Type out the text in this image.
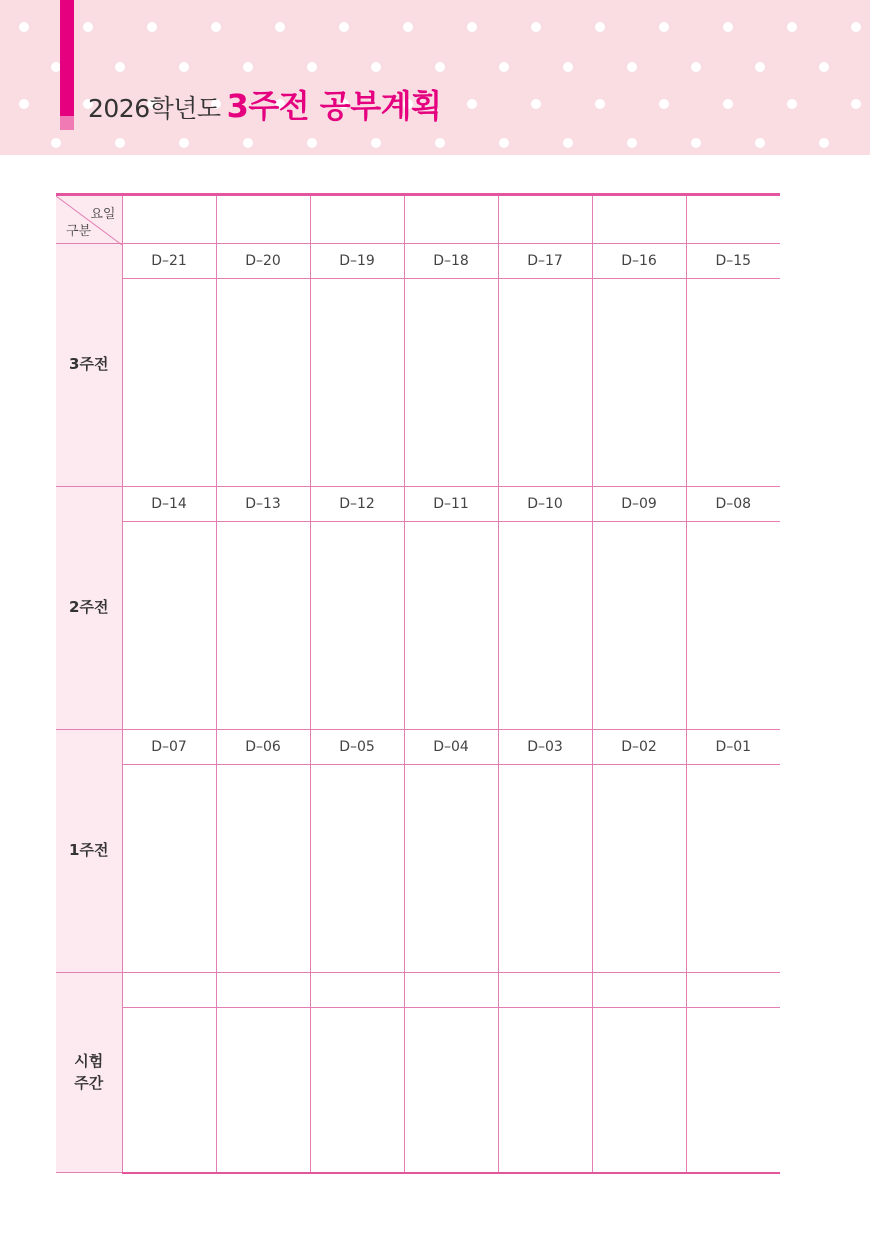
2026학년도 3주전 공부계획
요일
구분							

3주전	D–21	D–20	D–19	D–18	D–17	D–16	D–15

2주전	D–14	D–13	D–12	D–11	D–10	D–09	D–08

1주전	D–07	D–06	D–05	D–04	D–03	D–02	D–01

시험
주간							
